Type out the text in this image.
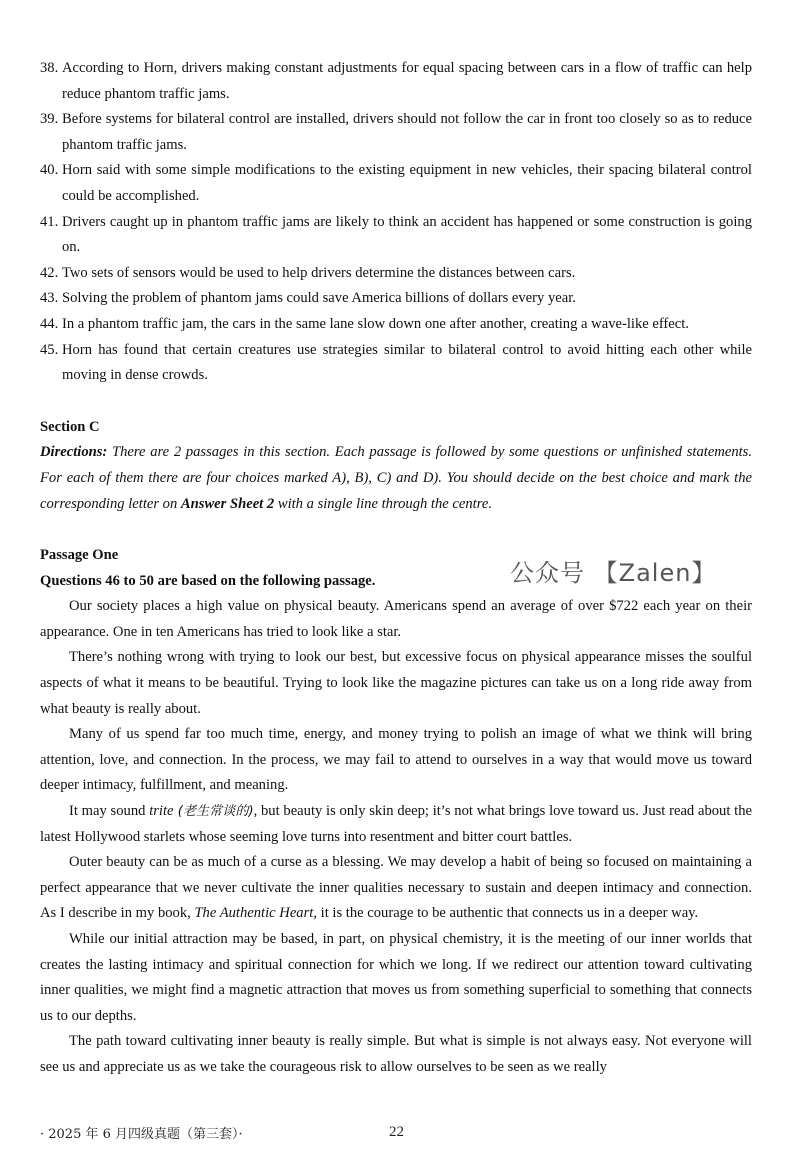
38. According to Horn, drivers making constant adjustments for equal spacing between cars in a flow of traffic can help reduce phantom traffic jams.
39. Before systems for bilateral control are installed, drivers should not follow the car in front too closely so as to reduce phantom traffic jams.
40. Horn said with some simple modifications to the existing equipment in new vehicles, their spacing bilateral control could be accomplished.
41. Drivers caught up in phantom traffic jams are likely to think an accident has happened or some construction is going on.
42. Two sets of sensors would be used to help drivers determine the distances between cars.
43. Solving the problem of phantom jams could save America billions of dollars every year.
44. In a phantom traffic jam, the cars in the same lane slow down one after another, creating a wave-like effect.
45. Horn has found that certain creatures use strategies similar to bilateral control to avoid hitting each other while moving in dense crowds.
Section C
Directions: There are 2 passages in this section. Each passage is followed by some questions or unfinished statements. For each of them there are four choices marked A), B), C) and D). You should decide on the best choice and mark the corresponding letter on Answer Sheet 2 with a single line through the centre.
Passage One
Questions 46 to 50 are based on the following passage.	公众号 【Zalen】
Our society places a high value on physical beauty. Americans spend an average of over $722 each year on their appearance. One in ten Americans has tried to look like a star.
There’s nothing wrong with trying to look our best, but excessive focus on physical appearance misses the soulful aspects of what it means to be beautiful. Trying to look like the magazine pictures can take us on a long ride away from what beauty is really about.
Many of us spend far too much time, energy, and money trying to polish an image of what we think will bring attention, love, and connection. In the process, we may fail to attend to ourselves in a way that would move us toward deeper intimacy, fulfillment, and meaning.
It may sound trite (老生常谈的), but beauty is only skin deep; it’s not what brings love toward us. Just read about the latest Hollywood starlets whose seeming love turns into resentment and bitter court battles.
Outer beauty can be as much of a curse as a blessing. We may develop a habit of being so focused on maintaining a perfect appearance that we never cultivate the inner qualities necessary to sustain and deepen intimacy and connection. As I describe in my book, The Authentic Heart, it is the courage to be authentic that connects us in a deeper way.
While our initial attraction may be based, in part, on physical chemistry, it is the meeting of our inner worlds that creates the lasting intimacy and spiritual connection for which we long. If we redirect our attention toward cultivating inner qualities, we might find a magnetic attraction that moves us from something superficial to something that connects us to our depths.
The path toward cultivating inner beauty is really simple. But what is simple is not always easy. Not everyone will see us and appreciate us as we take the courageous risk to allow ourselves to be seen as we really
· 2025 年 6 月四级真题（第三套）·	22
